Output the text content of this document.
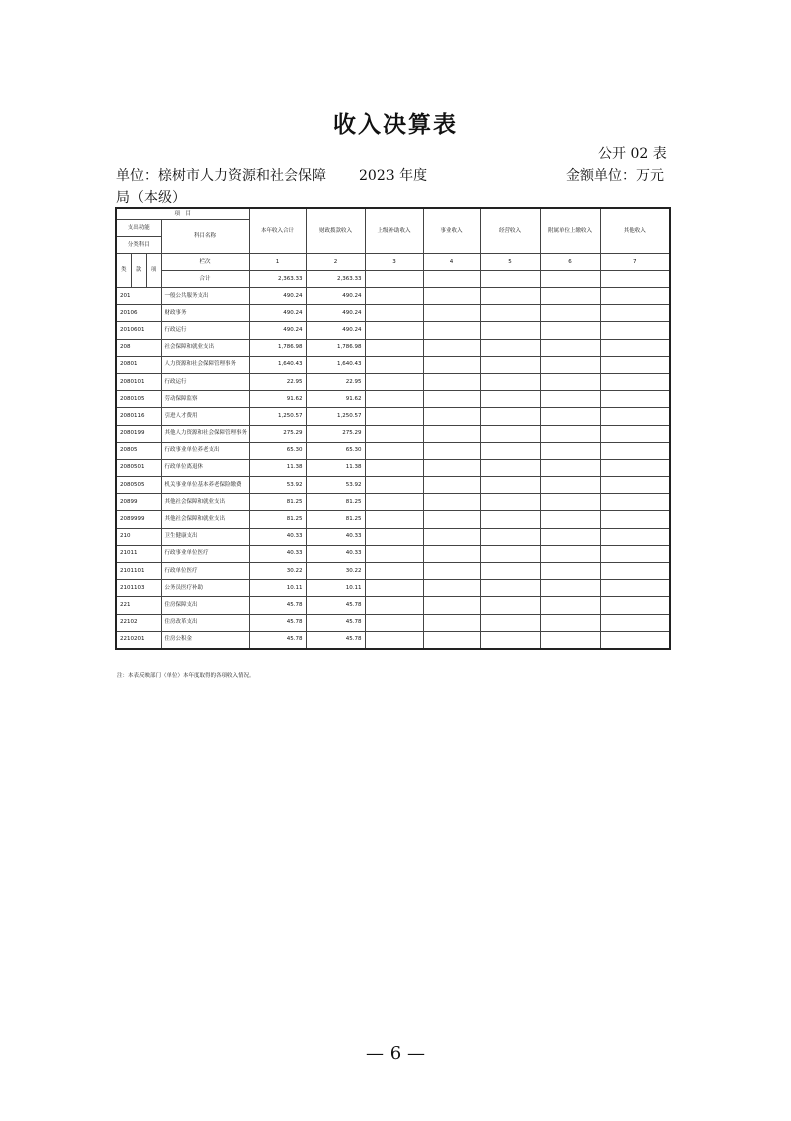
收入决算表
公开 02 表
单位：榇树市人力资源和社会保障
局（本级）
2023 年度	金额单位：万元
项　目				本年收入合计	财政拨款收入	上级补助收入	事业收入	经营收入	附属单位上缴收入	其他收入
支出功能			科目名称							
分类科目										
类	款	项	栏次	1	2	3	4	5	6	7
			合计	2,363.33	2,363.33					
201			一般公共服务支出	490.24	490.24					
20106			财政事务	490.24	490.24					
2010601			行政运行	490.24	490.24					
208			社会保障和就业支出	1,786.98	1,786.98					
20801			人力资源和社会保障管理事务	1,640.43	1,640.43					
2080101			行政运行	22.95	22.95					
2080105			劳动保障监察	91.62	91.62					
2080116			引进人才费用	1,250.57	1,250.57					
2080199			其他人力资源和社会保障管理事务	275.29	275.29					
20805			行政事业单位养老支出	65.30	65.30					
2080501			行政单位离退休	11.38	11.38					
2080505			机关事业单位基本养老保险缴费	53.92	53.92					
20899			其他社会保障和就业支出	81.25	81.25					
2089999			其他社会保障和就业支出	81.25	81.25					
210			卫生健康支出	40.33	40.33					
21011			行政事业单位医疗	40.33	40.33					
2101101			行政单位医疗	30.22	30.22					
2101103			公务员医疗补助	10.11	10.11					
221			住房保障支出	45.78	45.78					
22102			住房改革支出	45.78	45.78					
2210201			住房公积金	45.78	45.78					
注：本表反映部门（单位）本年度取得的各项收入情况。
— 6 —
